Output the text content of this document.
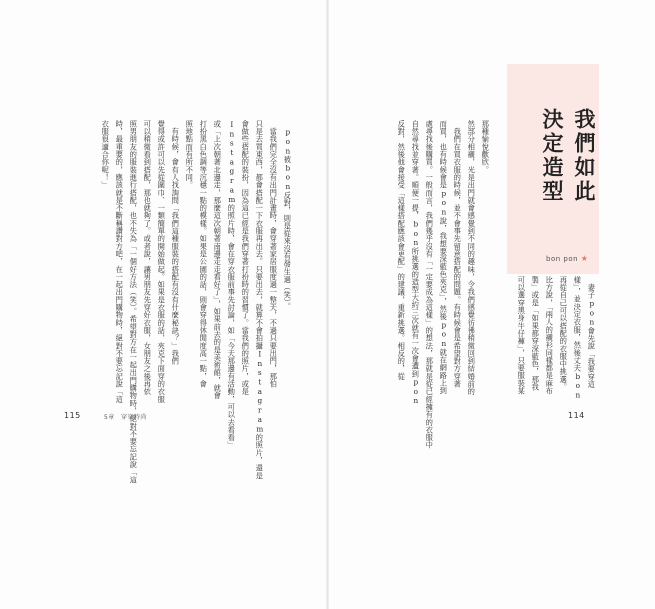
我們如此
決定造型
bon pon ★
那種愉悅歡欣。
然部分相襯，光是出門就會感覺到不同的趣味，令我們感覺彷彿稍微回到結婚前的
　我們在買衣服的時候，並不會事先留意搭配的問題。有時候會是希望對方穿著
而買，也有時候會是pon說，我想要深藍色夾克」，然後pon就在網路上到
處尋找後購買。一般而言，我們幾乎沒有「一定要成為這樣」的想法，那就是從已經擁有的衣服中
自然尋找並穿著。順便一提，bon所挑選的造型大約三次就有一次會遭到pon
反對，然後他會接受「這樣搭配應該會更配」的建議，重新挑選。相反的，從	　妻子pon會先說「我要穿這
樣」，並決定衣服，然後丈夫bon
再從自己可以搭配的衣服中挑選。
比方說，「兩人的襯衫同樣都是麻布
製」或是「如果都穿深藍色，那我
可以選穿黑身牛仔褲」，只要服裝某
　pon被bon反對，則是從來沒有發生過（笑）。
　當我們完全沒有出門計畫時，會穿著家居服度過一整天，不過只要出門，那怕
只是去買東西，都會搭配一下衣服再出去。只要出去，就算不會拍攝Instagram的照片，還是
會做些搭配的裝扮，因為這已經是我們穿著打扮時的習慣了。當我們的照片，或是
Instagram的照片時，會在穿衣服前事先討論，如「今天那邊有活動，可以去看看」
或「上次朝著北邊走，那麼這次朝著南邊走走看好了」，如果前去的是美術館，就會
打扮黑白色調等沉穩一點的模樣。如果是公園的話，則會穿得休閒度高一點，會
照地點而有所不同。
　有時候，會有人找詢問「我們這種服裝的搭配有沒有什麼秘訣？」我們
覺得或許可以先從圍巾、一類簡單的開始做起。如果是衣服的話，夾克下面穿的衣服
可以稍微看到搭配，那也就夠了。或者說，讓男朋友先穿好衣服，女朋友之後再依
照男朋友的服裝進行搭配，也不失為「一個好方法（笑）。希望對方在一起出門購物時，絕對不要忘記說「這
時，最重要的，應該就是不斷稱讚對方吧，在一起出門購物時，絕對不要忘記說「這
衣服很適合你呢！」
115	5章　穿穿時尚	114
